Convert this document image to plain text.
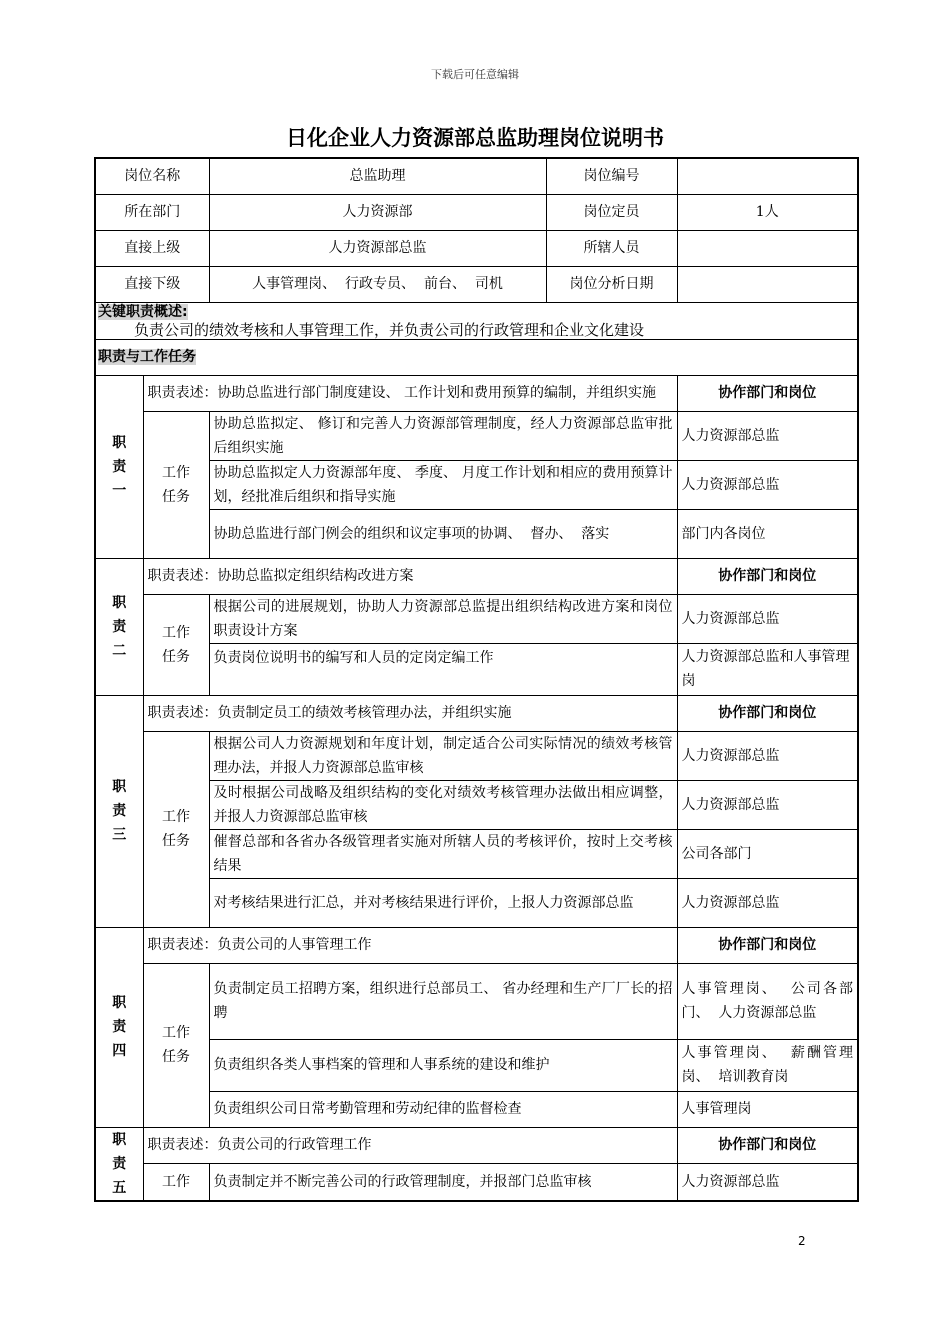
下载后可任意编辑
日化企业人力资源部总监助理岗位说明书
岗位名称		总监助理	岗位编号	
所在部门		人力资源部	岗位定员	1人
直接上级		人力资源部总监	所辖人员	
直接下级		人事管理岗、  行政专员、  前台、  司机	岗位分析日期	

关键职责概述:
负责公司的绩效考核和人事管理工作，并负责公司的行政管理和企业文化建设				

职责与工作任务				

职
责
一	职责表述：协助总监进行部门制度建设、 工作计划和费用预算的编制，并组织实施			协作部门和岗位

	工作任务	协助总监拟定、 修订和完善人力资源部管理制度，经人力资源部总监审批后组织实施		人力资源部总监
		协助总监拟定人力资源部年度、 季度、 月度工作计划和相应的费用预算计划，经批准后组织和指导实施		人力资源部总监
		协助总监进行部门例会的组织和议定事项的协调、  督办、  落实		部门内各岗位

职
责
二	职责表述：协助总监拟定组织结构改进方案			协作部门和岗位

	工作任务	根据公司的进展规划，协助人力资源部总监提出组织结构改进方案和岗位职责设计方案		人力资源部总监
		负责岗位说明书的编写和人员的定岗定编工作		人力资源部总监和人事管理岗

职
责
三	职责表述：负责制定员工的绩效考核管理办法，并组织实施			协作部门和岗位

	工作任务	根据公司人力资源规划和年度计划，制定适合公司实际情况的绩效考核管理办法，并报人力资源部总监审核		人力资源部总监
		及时根据公司战略及组织结构的变化对绩效考核管理办法做出相应调整，并报人力资源部总监审核		人力资源部总监
		催督总部和各省办各级管理者实施对所辖人员的考核评价，按时上交考核结果		公司各部门
		对考核结果进行汇总，并对考核结果进行评价，上报人力资源部总监		人力资源部总监

职
责
四	职责表述：负责公司的人事管理工作			协作部门和岗位

	工作任务	负责制定员工招聘方案，组织进行总部员工、 省办经理和生产厂厂长的招聘		人事管理岗、  公司各部门、  人力资源部总监
		负责组织各类人事档案的管理和人事系统的建设和维护		人事管理岗、  薪酬管理岗、  培训教育岗
		负责组织公司日常考勤管理和劳动纪律的监督检查		人事管理岗

职
责
五	职责表述：负责公司的行政管理工作			协作部门和岗位
	工作	负责制定并不断完善公司的行政管理制度，并报部门总监审核		人力资源部总监
2
